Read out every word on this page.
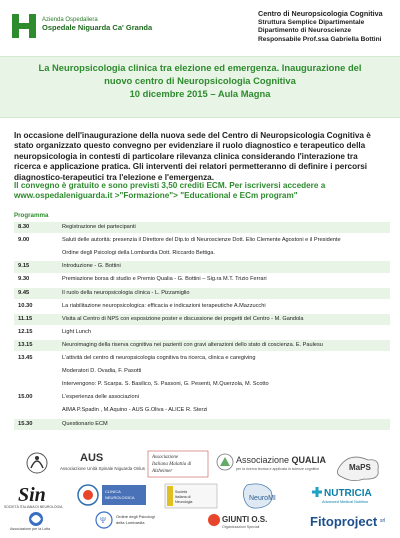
Azienda Ospedaliera
Ospedale Niguarda Ca' Granda
Centro di Neuropsicologia Cognitiva
Struttura Semplice Dipartimentale
Dipartimento di Neuroscienze
Responsabile Prof.ssa Gabriella Bottini
La Neuropsicologia clinica tra elezione ed emergenza. Inaugurazione del
nuovo centro di Neuropsicologia Cognitiva
10 dicembre 2015 – Aula Magna
In occasione dell'inaugurazione della nuova sede del Centro di Neuropsicologia Cognitiva è
stato organizzato questo convegno per evidenziare il ruolo diagnostico e terapeutico della
neuropsicologia in contesti di particolare rilevanza clinica considerando l'interazione tra
ricerca e applicazione pratica. Gli interventi dei relatori permetteranno di definire i percorsi
diagnostico-terapeutici tra l'elezione e l'emergenza.
Il convegno è gratuito e sono previsti 3,50 crediti ECM. Per iscriversi accedere a
www.ospedaleniguarda.it >"Formazione"> "Educational e ECm program"
Programma
8.30	Registrazione dei partecipanti
9.00	Saluti delle autorità: presenzia il Direttore del Dip.to di Neuroscienze Dott. Elio Clemente Agostoni e il Presidente
Ordine degli Psicologi della Lombardia Dott. Riccardo Bettiga.
9.15	Introduzione - G. Bottini
9.30	Premiazione borsa di studio e Premio Qualia - G. Bottini – Sig.ra M.T. Trizio Ferrari
9.45	Il ruolo della neuropsicologia clinica - L. Pizzamiglio
10.30	La riabilitazione neuropsicologica: efficacia e indicazioni terapeutiche A.Mazzucchi
11.15	Visita al Centro di NPS con esposizione poster e discussione dei progetti del Centro - M. Gandola
12.15	Light Lunch
13.15	Neuroimaging della riserva cognitiva nei pazienti con gravi alterazioni dello stato di coscienza. E. Paulesu
13.45	L'attività del centro di neuropsicologia cognitiva tra ricerca, clinica e caregiving
Moderatori D. Ovadia, F. Pasotti
Intervengono: P. Scarpa. S. Basilico, S. Passoni, G. Pesenti, M.Querzola, M. Scotto
15.00	L'esperienza delle associazioni
AIMA P.Spadin , M.Aquino - AUS G.Oliva - ALICE R. Sterzi
15.30	Questionario ECM
AUS
Associazione Unità Spinale Niguarda Onlus
Associazione
Italiana Malattia di
Alzheimer
Associazione QUALIA
per la ricerca teorica e applicata in scienze cognitive	MaPS
Sin
SOCIETÀ ITALIANA DI NEUROLOGIA
CLINICA
NEUROLOGICA
Società
Italiana di
Neurologia	NeuroMI	NUTRICIA
Advanced Medical Nutrition
Associazione per la Lotta
Ψ	Ordine degli Psicologi
della Lombardia	GIUNTI O.S.
Organizzazioni Speciali	Fitoproject srl
